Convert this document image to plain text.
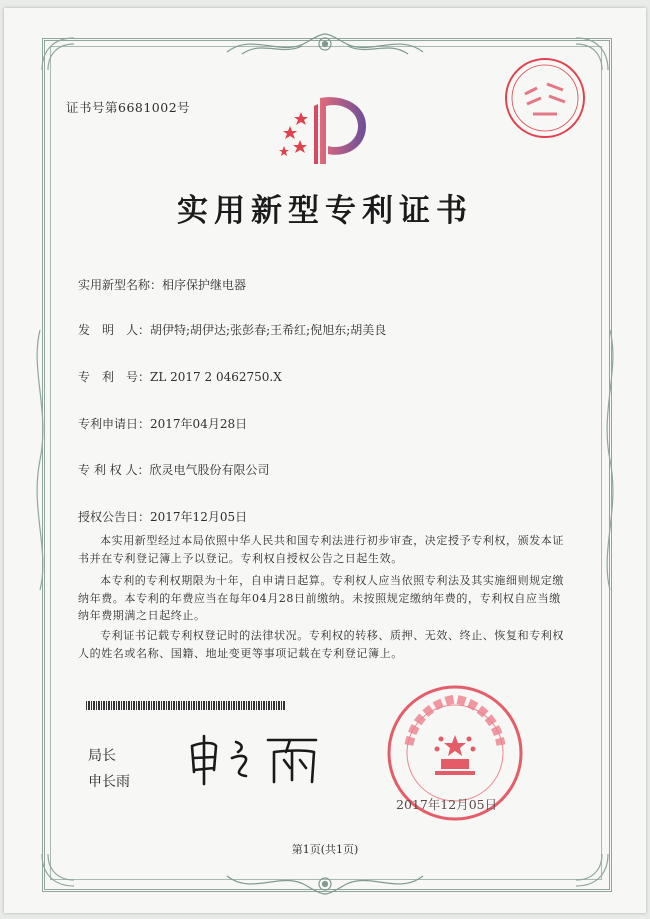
证书号第6681002号
实用新型专利证书
实用新型名称：相序保护继电器
发　明　人：胡伊特;胡伊达;张彭春;王希红;倪旭东;胡美良
专　利　号：ZL 2017 2 0462750.X
专利申请日：2017年04月28日
专 利 权 人：欣灵电气股份有限公司
授权公告日：2017年12月05日
本实用新型经过本局依照中华人民共和国专利法进行初步审查，决定授予专利权，颁发本证书并在专利登记簿上予以登记。专利权自授权公告之日起生效。
本专利的专利权期限为十年，自申请日起算。专利权人应当依照专利法及其实施细则规定缴纳年费。本专利的年费应当在每年04月28日前缴纳。未按照规定缴纳年费的，专利权自应当缴纳年费期满之日起终止。
专利证书记载专利权登记时的法律状况。专利权的转移、质押、无效、终止、恢复和专利权人的姓名或名称、国籍、地址变更等事项记载在专利登记簿上。
局长
申长雨
2017年12月05日
第1页(共1页)
